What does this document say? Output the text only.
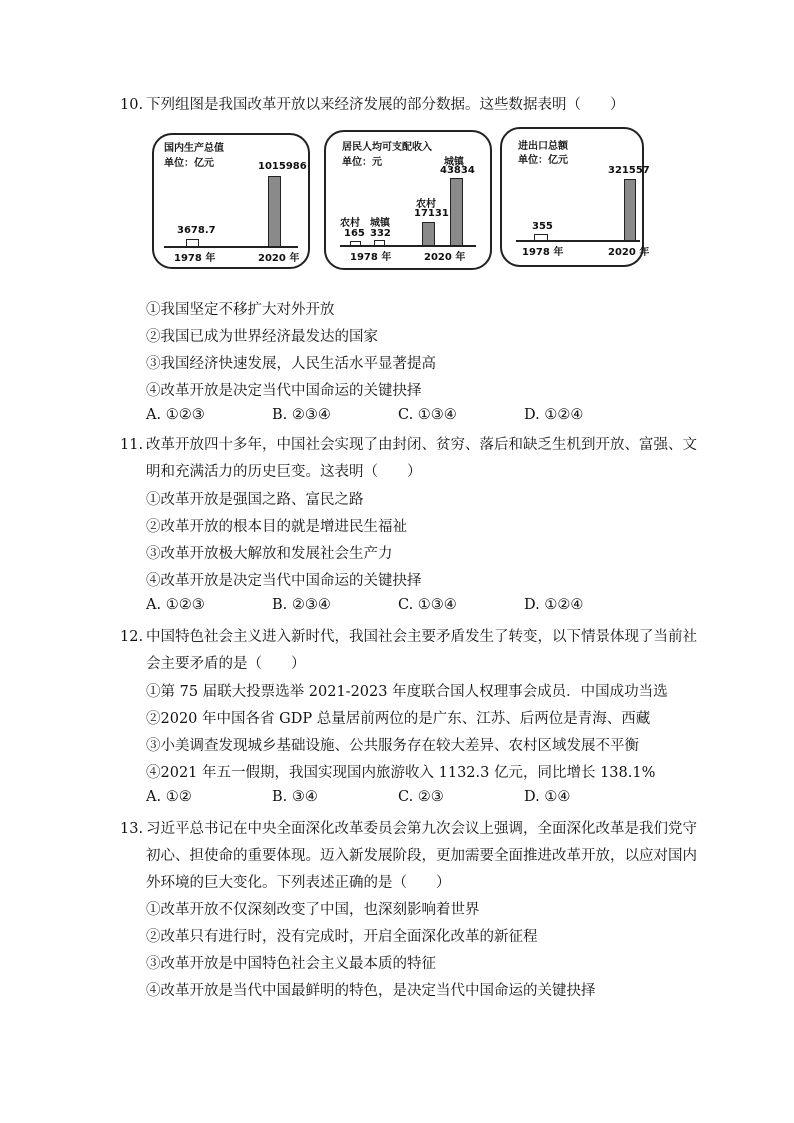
10. 下列组图是我国改革开放以来经济发展的部分数据。这些数据表明（　　）
国内生产总值
单位：亿元
3678.7
1015986
1978 年	2020 年
居民人均可支配收入
单位：元	城镇
43834
农村
17131
农村 城镇
165 332
1978 年	2020 年
进出口总额
单位：亿元
321557
355
1978 年	2020 年
①我国坚定不移扩大对外开放
②我国已成为世界经济最发达的国家
③我国经济快速发展，人民生活水平显著提高
④改革开放是决定当代中国命运的关键抉择
A. ①②③	B. ②③④	C. ①③④	D. ①②④
11. 改革开放四十多年，中国社会实现了由封闭、贫穷、落后和缺乏生机到开放、富强、文
明和充满活力的历史巨变。这表明（　　）
①改革开放是强国之路、富民之路
②改革开放的根本目的就是增进民生福祉
③改革开放极大解放和发展社会生产力
④改革开放是决定当代中国命运的关键抉择
A. ①②③	B. ②③④	C. ①③④	D. ①②④
12. 中国特色社会主义进入新时代，我国社会主要矛盾发生了转变，以下情景体现了当前社
会主要矛盾的是（　　）
①第 75 届联大投票选举 2021-2023 年度联合国人权理事会成员．中国成功当选
②2020 年中国各省 GDP 总量居前两位的是广东、江苏、后两位是青海、西藏
③小美调查发现城乡基础设施、公共服务存在较大差异、农村区域发展不平衡
④2021 年五一假期，我国实现国内旅游收入 1132.3 亿元，同比增长 138.1%
A. ①②	B. ③④	C. ②③	D. ①④
13. 习近平总书记在中央全面深化改革委员会第九次会议上强调，全面深化改革是我们党守
初心、担使命的重要体现。迈入新发展阶段，更加需要全面推进改革开放，以应对国内
外环境的巨大变化。下列表述正确的是（　　）
①改革开放不仅深刻改变了中国，也深刻影响着世界
②改革只有进行时，没有完成时，开启全面深化改革的新征程
③改革开放是中国特色社会主义最本质的特征
④改革开放是当代中国最鲜明的特色，是决定当代中国命运的关键抉择
